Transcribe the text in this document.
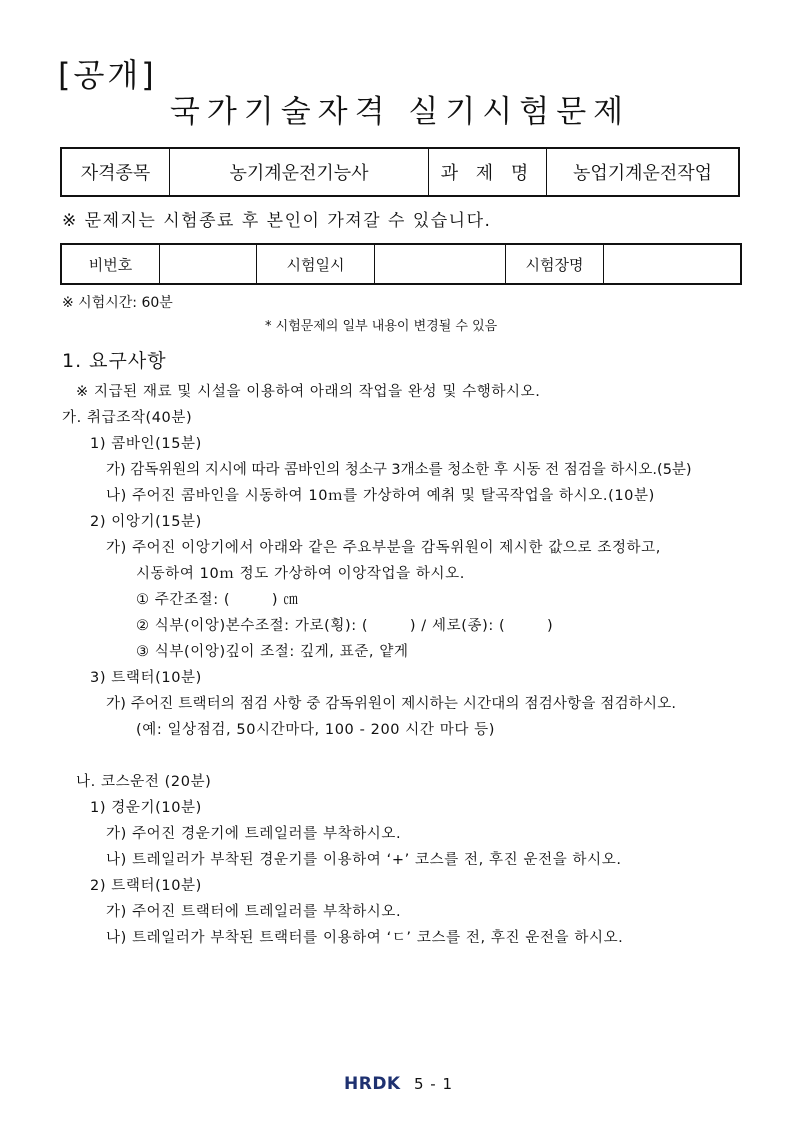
[공개]
국가기술자격 실기시험문제
자격종목	농기계운전기능사	과 제 명	농업기계운전작업
※ 문제지는 시험종료 후 본인이 가져갈 수 있습니다.
비번호		시험일시		시험장명	
※ 시험시간: 60분
* 시험문제의 일부 내용이 변경될 수 있음
1. 요구사항
※ 지급된 재료 및 시설을 이용하여 아래의 작업을 완성 및 수행하시오.
가. 취급조작(40분)
1) 콤바인(15분)
가) 감독위원의 지시에 따라 콤바인의 청소구 3개소를 청소한 후 시동 전 점검을 하시오.(5분)
나) 주어진 콤바인을 시동하여 10ｍ를 가상하여 예취 및 탈곡작업을 하시오.(10분)
2) 이앙기(15분)
가) 주어진 이앙기에서 아래와 같은 주요부분을 감독위원이 제시한 값으로 조정하고,
시동하여 10ｍ 정도 가상하여 이앙작업을 하시오.
① 주간조절: (        ) ㎝
② 식부(이앙)본수조절: 가로(횡): (        ) / 세로(종): (        )
③ 식부(이앙)깊이 조절: 깊게, 표준, 얕게
3) 트랙터(10분)
가) 주어진 트랙터의 점검 사항 중 감독위원이 제시하는 시간대의 점검사항을 점검하시오.
(예: 일상점검, 50시간마다, 100 - 200 시간 마다 등)
나. 코스운전 (20분)
1) 경운기(10분)
가) 주어진 경운기에 트레일러를 부착하시오.
나) 트레일러가 부착된 경운기를 이용하여 ‘+’ 코스를 전, 후진 운전을 하시오.
2) 트랙터(10분)
가) 주어진 트랙터에 트레일러를 부착하시오.
나) 트레일러가 부착된 트랙터를 이용하여 ‘ㄷ’ 코스를 전, 후진 운전을 하시오.
HRDK 5 - 1
